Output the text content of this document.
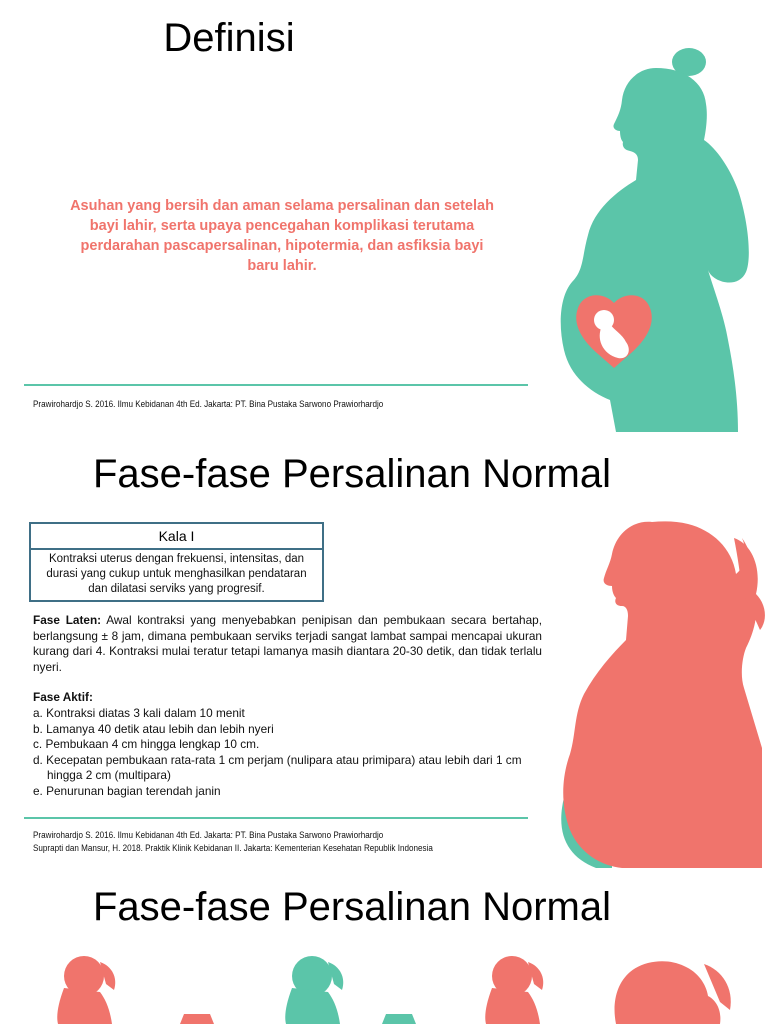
Definisi
Asuhan yang bersih dan aman selama persalinan dan setelah bayi lahir, serta upaya pencegahan komplikasi terutama perdarahan pascapersalinan, hipotermia, dan asfiksia bayi baru lahir.
Prawirohardjo S. 2016. Ilmu Kebidanan 4th Ed. Jakarta: PT. Bina Pustaka Sarwono Prawiorhardjo
Fase-fase Persalinan Normal
Kala I
Kontraksi uterus dengan frekuensi, intensitas, dan durasi yang cukup untuk menghasilkan pendataran dan dilatasi serviks yang progresif.

Fase Laten: Awal kontraksi yang menyebabkan penipisan dan pembukaan secara bertahap, berlangsung ± 8 jam, dimana pembukaan serviks terjadi sangat lambat sampai mencapai ukuran kurang dari 4. Kontraksi mulai teratur tetapi lamanya masih diantara 20-30 detik, dan tidak terlalu nyeri.

Fase Aktif:

a. Kontraksi diatas 3 kali dalam 10 menit
b. Lamanya 40 detik atau lebih dan lebih nyeri
c. Pembukaan 4 cm hingga lengkap 10 cm.
d. Kecepatan pembukaan rata-rata 1 cm perjam (nulipara atau primipara) atau lebih dari 1 cm hingga 2 cm (multipara)
e. Penurunan bagian terendah janin
Prawirohardjo S. 2016. Ilmu Kebidanan 4th Ed. Jakarta: PT. Bina Pustaka Sarwono Prawiorhardjo
Suprapti dan Mansur, H. 2018. Praktik Klinik Kebidanan II. Jakarta: Kementerian Kesehatan Republik Indonesia
Fase-fase Persalinan Normal
